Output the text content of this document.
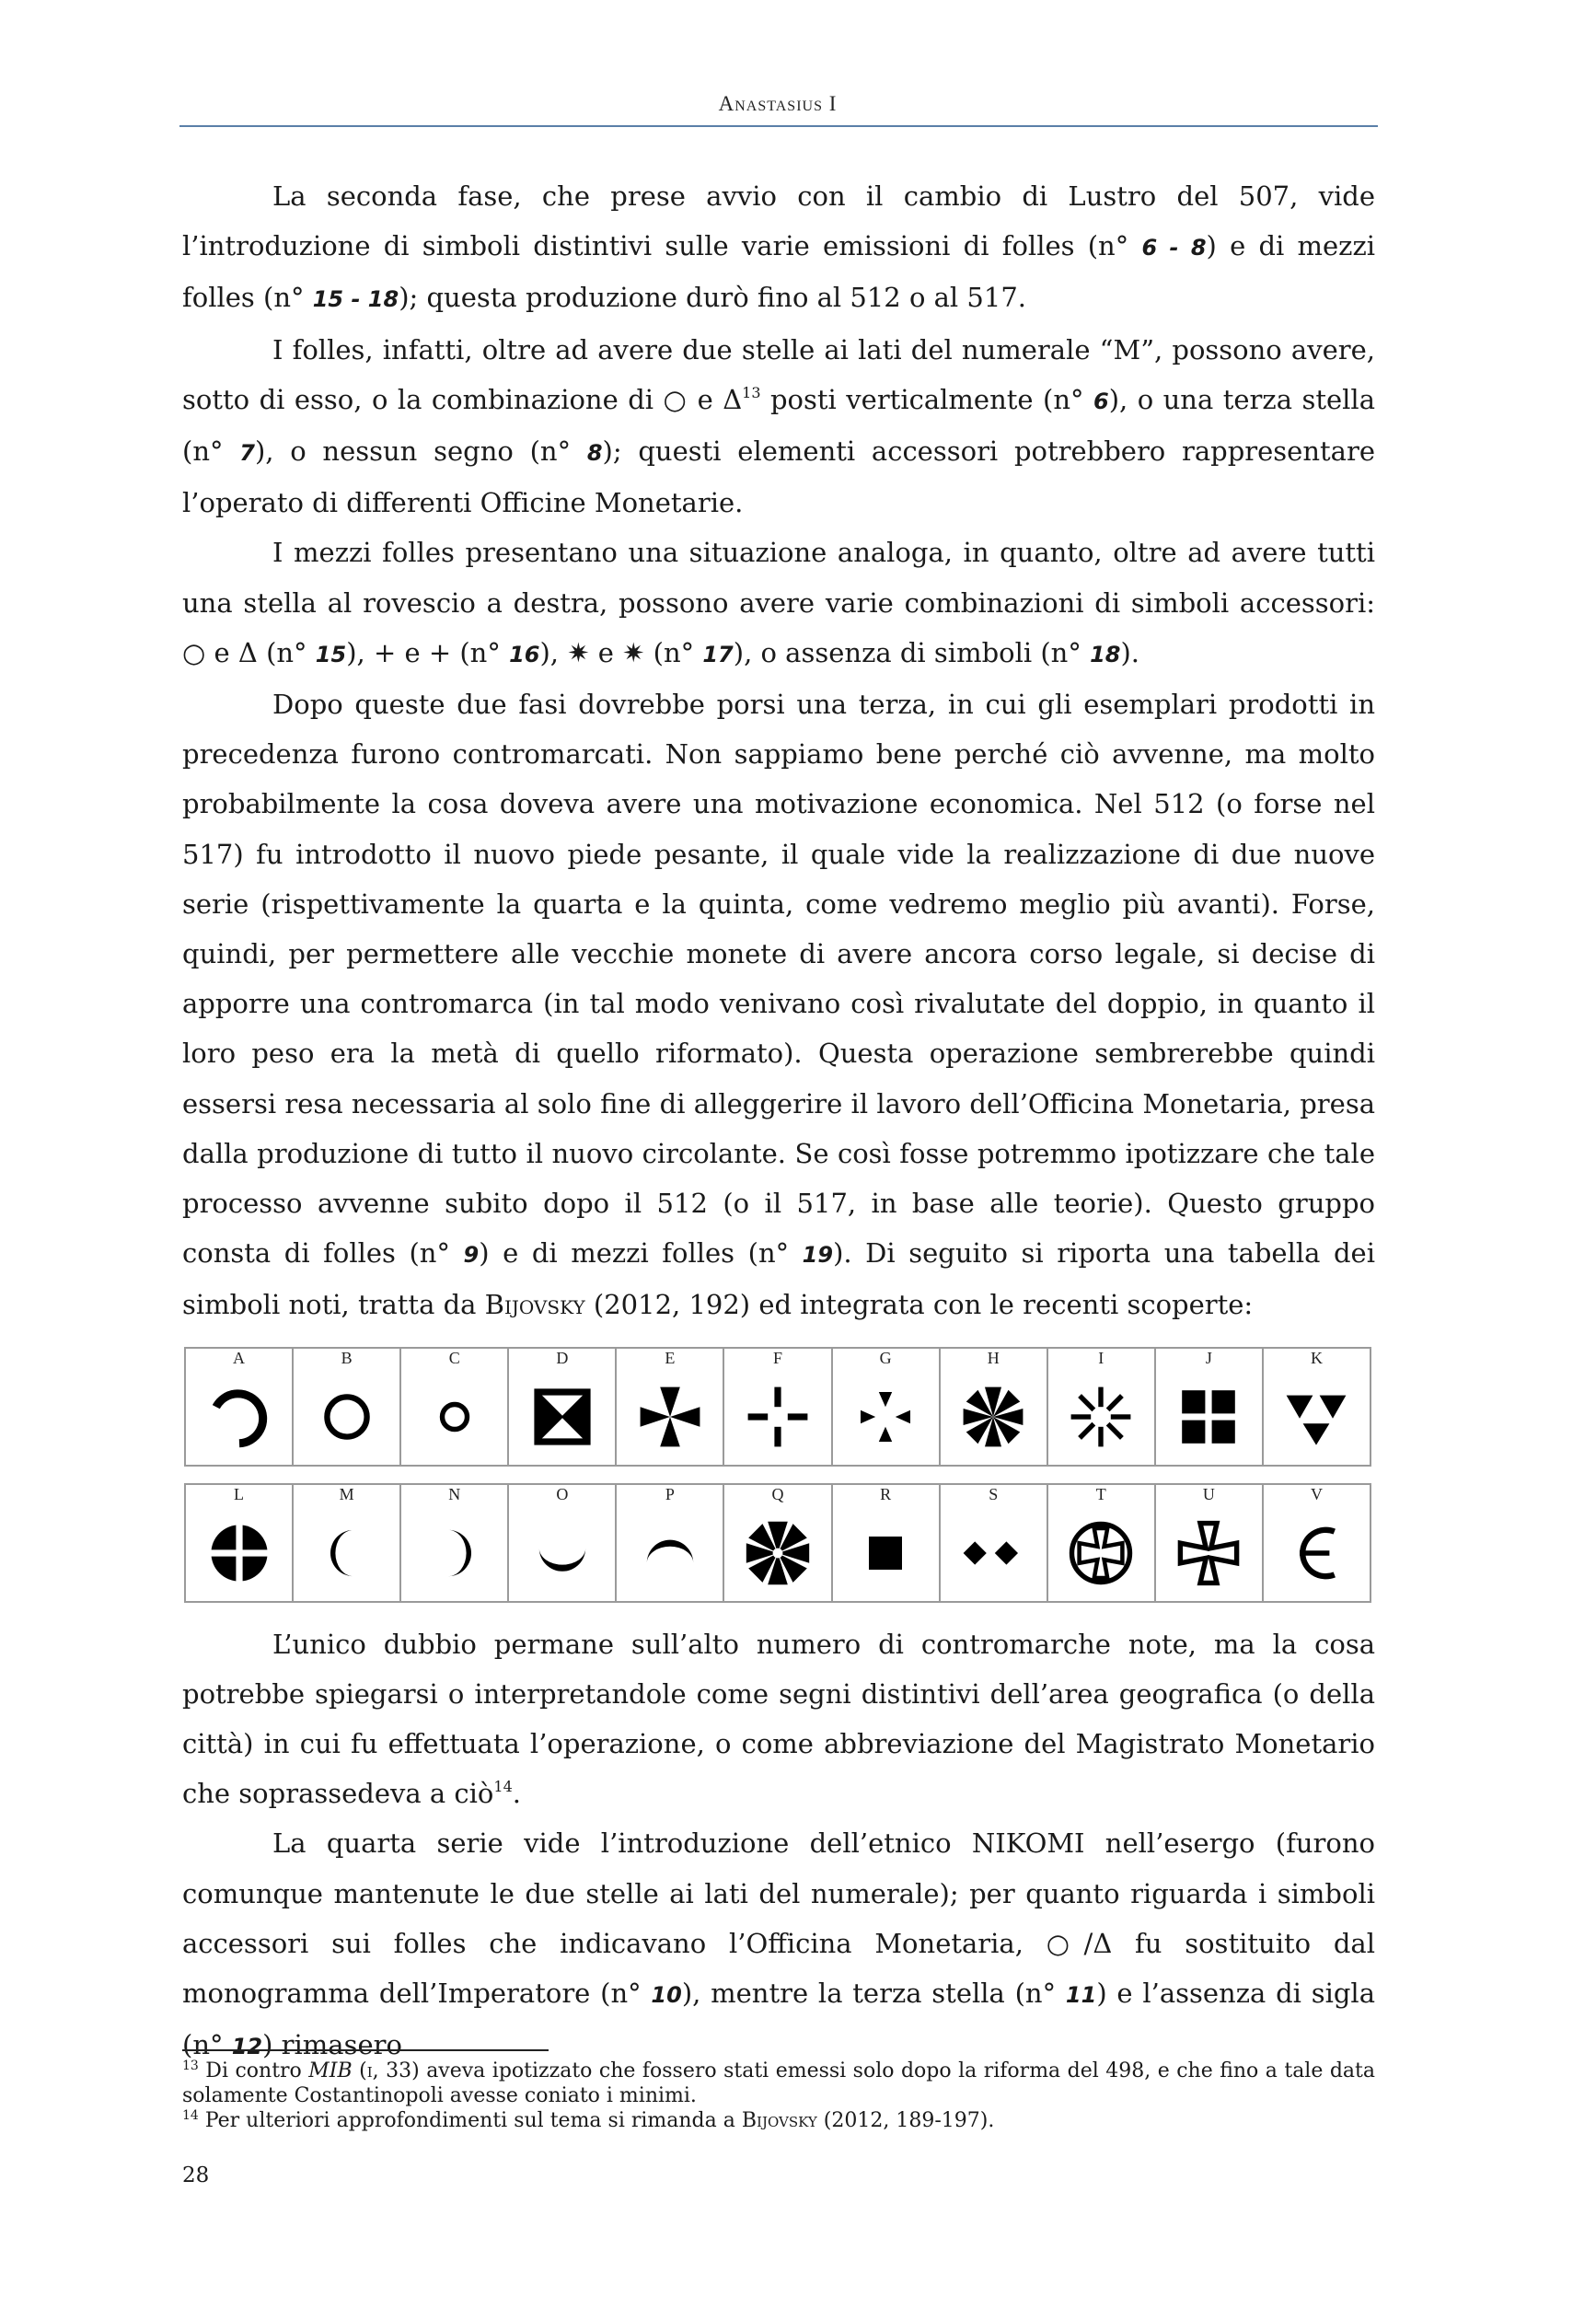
Anastasius I

La seconda fase, che prese avvio con il cambio di Lustro del 507, vide l’introduzione di simboli distintivi sulle varie emissioni di folles (n° 6 - 8) e di mezzi folles (n° 15 - 18); questa produzione durò fino al 512 o al 517.

I folles, infatti, oltre ad avere due stelle ai lati del numerale “M”, possono avere, sotto di esso, o la combinazione di ○ e $\Delta^{13}$ posti verticalmente (n° 6), o una terza stella (n° 7), o nessun segno (n° 8); questi elementi accessori potrebbero rappresentare l’operato di differenti Officine Monetarie.

I mezzi folles presentano una situazione analoga, in quanto, oltre ad avere tutti una stella al rovescio a destra, possono avere varie combinazioni di simboli accessori: ○ e Δ (n° 15), + e + (n° 16), ✷ e ✷ (n° 17), o assenza di simboli (n° 18).

Dopo queste due fasi dovrebbe porsi una terza, in cui gli esemplari prodotti in precedenza furono contromarcati. Non sappiamo bene perché ciò avvenne, ma molto probabilmente la cosa doveva avere una motivazione economica. Nel 512 (o forse nel 517) fu introdotto il nuovo piede pesante, il quale vide la realizzazione di due nuove serie (rispettivamente la quarta e la quinta, come vedremo meglio più avanti). Forse, quindi, per permettere alle vecchie monete di avere ancora corso legale, si decise di apporre una contromarca (in tal modo venivano così rivalutate del doppio, in quanto il loro peso era la metà di quello riformato). Questa operazione sembrerebbe quindi essersi resa necessaria al solo fine di alleggerire il lavoro dell’Officina Monetaria, presa dalla produzione di tutto il nuovo circolante. Se così fosse potremmo ipotizzare che tale processo avvenne subito dopo il 512 (o il 517, in base alle teorie). Questo gruppo consta di folles (n° 9) e di mezzi folles (n° 19). Di seguito si riporta una tabella dei simboli noti, tratta da Bijovsky (2012, 192) ed integrata con le recenti scoperte:

A	B	C	D	E	F	G	H	I	J	K
L	M	N	O	P	Q	R	S	T	U	V

L’unico dubbio permane sull’alto numero di contromarche note, ma la cosa potrebbe spiegarsi o interpretandole come segni distintivi dell’area geografica (o della città) in cui fu effettuata l’operazione, o come abbreviazione del Magistrato Monetario che soprassedeva a ciò$^{14}$.

La quarta serie vide l’introduzione dell’etnico NIKOMI nell’esergo (furono comunque mantenute le due stelle ai lati del numerale); per quanto riguarda i simboli accessori sui folles che indicavano l’Officina Monetaria, ○/Δ fu sostituito dal monogramma dell’Imperatore (n° 10), mentre la terza stella (n° 11) e l’assenza di sigla (n° 12) rimasero

$^{13}$ Di contro MIB (i, 33) aveva ipotizzato che fossero stati emessi solo dopo la riforma del 498, e che fino a tale data solamente Costantinopoli avesse coniato i minimi.

$^{14}$ Per ulteriori approfondimenti sul tema si rimanda a Bijovsky (2012, 189-197).

28
